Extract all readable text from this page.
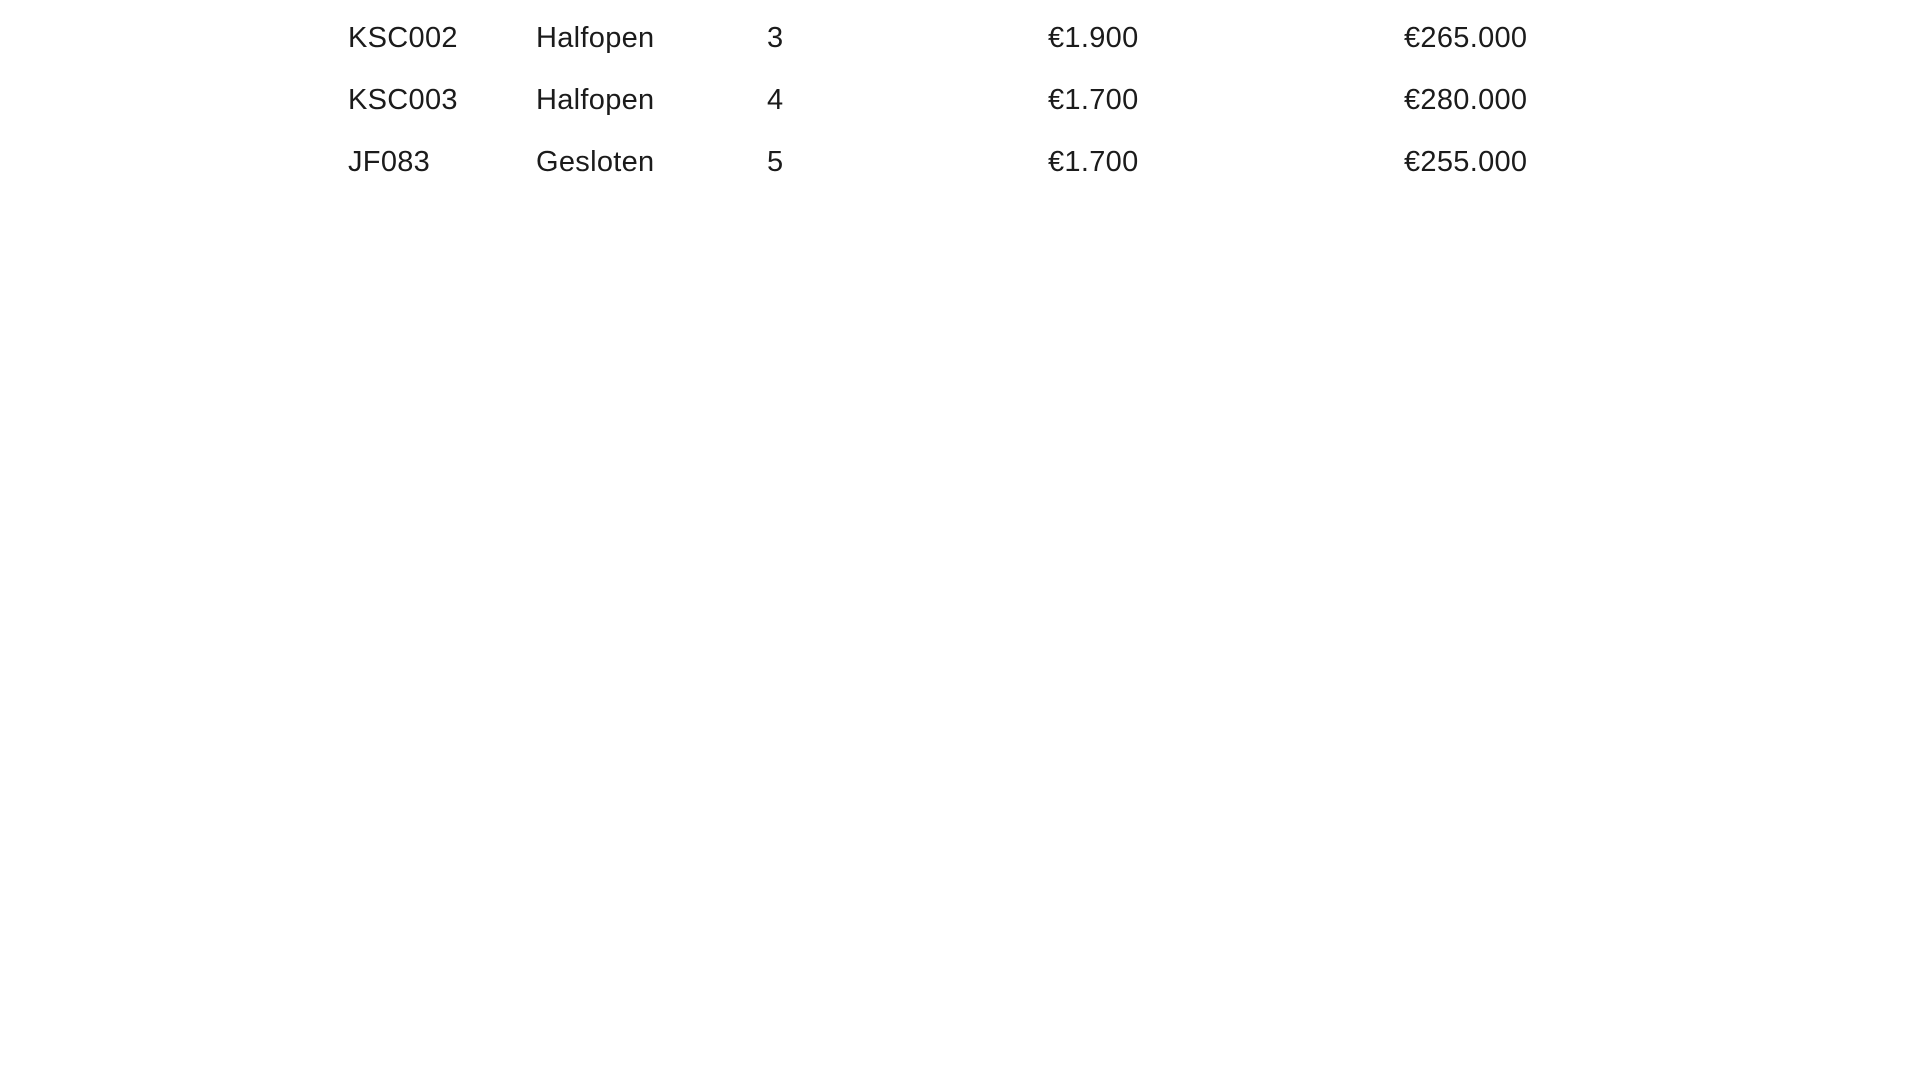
KSC002	Halfopen	3	€1.900	€265.000
KSC003	Halfopen	4	€1.700	€280.000
JF083	Gesloten	5	€1.700	€255.000
